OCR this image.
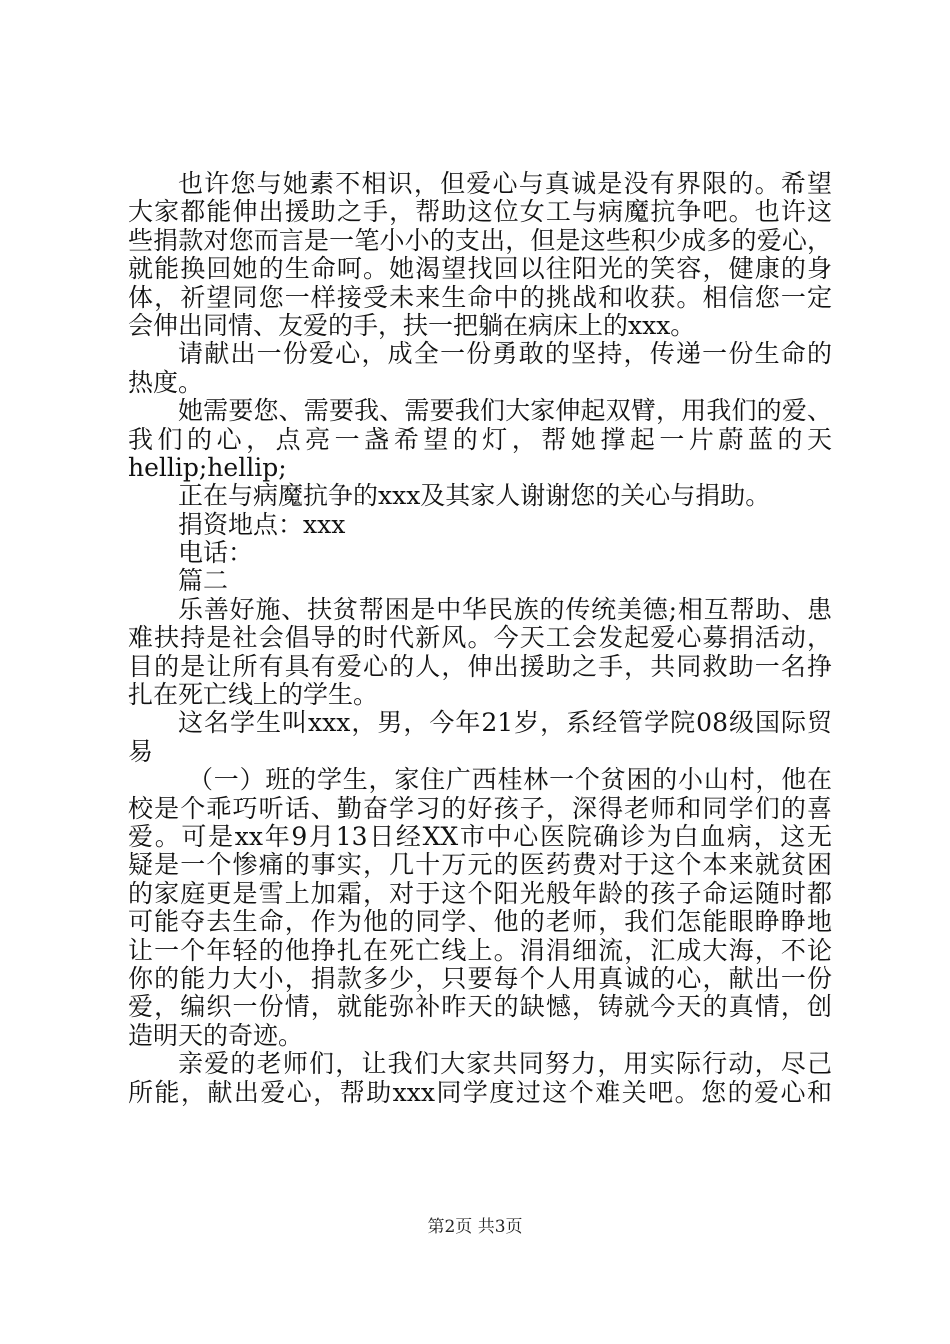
也许您与她素不相识，但爱心与真诚是没有界限的。希望
大家都能伸出援助之手，帮助这位女工与病魔抗争吧。也许这
些捐款对您而言是一笔小小的支出，但是这些积少成多的爱心，
就能换回她的生命呵。她渴望找回以往阳光的笑容，健康的身
体，祈望同您一样接受未来生命中的挑战和收获。相信您一定
会伸出同情、友爱的手，扶一把躺在病床上的xxx。
请献出一份爱心，成全一份勇敢的坚持，传递一份生命的
热度。
她需要您、需要我、需要我们大家伸起双臂，用我们的爱、
我们的心，点亮一盏希望的灯，帮她撑起一片蔚蓝的天
hellip;hellip;
正在与病魔抗争的xxx及其家人谢谢您的关心与捐助。
捐资地点：xxx
电话：
篇二
乐善好施、扶贫帮困是中华民族的传统美德;相互帮助、患
难扶持是社会倡导的时代新风。今天工会发起爱心募捐活动，
目的是让所有具有爱心的人，伸出援助之手，共同救助一名挣
扎在死亡线上的学生。
这名学生叫xxx，男，今年21岁，系经管学院08级国际贸
易
（一）班的学生，家住广西桂林一个贫困的小山村，他在
校是个乖巧听话、勤奋学习的好孩子，深得老师和同学们的喜
爱。可是xx年9月13日经XX市中心医院确诊为白血病，这无
疑是一个惨痛的事实，几十万元的医药费对于这个本来就贫困
的家庭更是雪上加霜，对于这个阳光般年龄的孩子命运随时都
可能夺去生命，作为他的同学、他的老师，我们怎能眼睁睁地
让一个年轻的他挣扎在死亡线上。涓涓细流，汇成大海，不论
你的能力大小，捐款多少，只要每个人用真诚的心，献出一份
爱，编织一份情，就能弥补昨天的缺憾，铸就今天的真情，创
造明天的奇迹。
亲爱的老师们，让我们大家共同努力，用实际行动，尽己
所能，献出爱心，帮助xxx同学度过这个难关吧。您的爱心和
第2页 共3页
